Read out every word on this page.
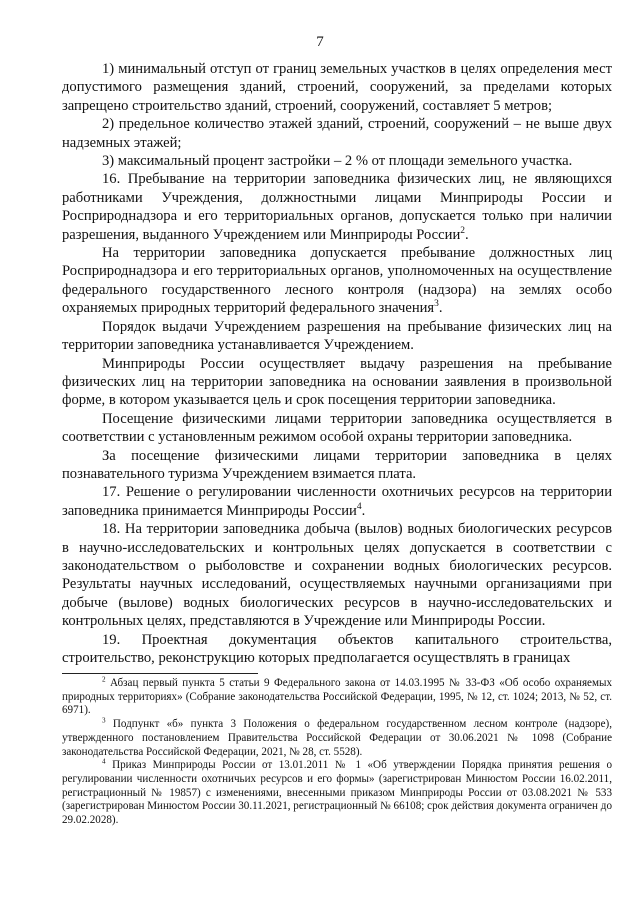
7

1) минимальный отступ от границ земельных участков в целях определения мест допустимого размещения зданий, строений, сооружений, за пределами которых запрещено строительство зданий, строений, сооружений, составляет 5 метров;

2) предельное количество этажей зданий, строений, сооружений – не выше двух надземных этажей;

3) максимальный процент застройки – 2 % от площади земельного участка.

16. Пребывание на территории заповедника физических лиц, не являющихся работниками Учреждения, должностными лицами Минприроды России и Росприроднадзора и его территориальных органов, допускается только при наличии разрешения, выданного Учреждением или Минприроды России$^2$.

На территории заповедника допускается пребывание должностных лиц Росприроднадзора и его территориальных органов, уполномоченных на осуществление федерального государственного лесного контроля (надзора) на землях особо охраняемых природных территорий федерального значения$^3$.

Порядок выдачи Учреждением разрешения на пребывание физических лиц на территории заповедника устанавливается Учреждением.

Минприроды России осуществляет выдачу разрешения на пребывание физических лиц на территории заповедника на основании заявления в произвольной форме, в котором указывается цель и срок посещения территории заповедника.

Посещение физическими лицами территории заповедника осуществляется в соответствии с установленным режимом особой охраны территории заповедника.

За посещение физическими лицами территории заповедника в целях познавательного туризма Учреждением взимается плата.

17. Решение о регулировании численности охотничьих ресурсов на территории заповедника принимается Минприроды России$^4$.

18. На территории заповедника добыча (вылов) водных биологических ресурсов в научно-исследовательских и контрольных целях допускается в соответствии с законодательством о рыболовстве и сохранении водных биологических ресурсов. Результаты научных исследований, осуществляемых научными организациями при добыче (вылове) водных биологических ресурсов в научно-исследовательских и контрольных целях, представляются в Учреждение или Минприроды России.

19. Проектная документация объектов капитального строительства, строительство, реконструкцию которых предполагается осуществлять в границах

$^2$ Абзац первый пункта 5 статьи 9 Федерального закона от 14.03.1995 № 33-ФЗ «Об особо охраняемых природных территориях» (Собрание законодательства Российской Федерации, 1995, № 12, ст. 1024; 2013, № 52, ст. 6971).

$^3$ Подпункт «б» пункта 3 Положения о федеральном государственном лесном контроле (надзоре), утвержденного постановлением Правительства Российской Федерации от 30.06.2021 № 1098 (Собрание законодательства Российской Федерации, 2021, № 28, ст. 5528).

$^4$ Приказ Минприроды России от 13.01.2011 № 1 «Об утверждении Порядка принятия решения о регулировании численности охотничьих ресурсов и его формы» (зарегистрирован Минюстом России 16.02.2011, регистрационный № 19857) с изменениями, внесенными приказом Минприроды России от 03.08.2021 № 533 (зарегистрирован Минюстом России 30.11.2021, регистрационный № 66108; срок действия документа ограничен до 29.02.2028).
